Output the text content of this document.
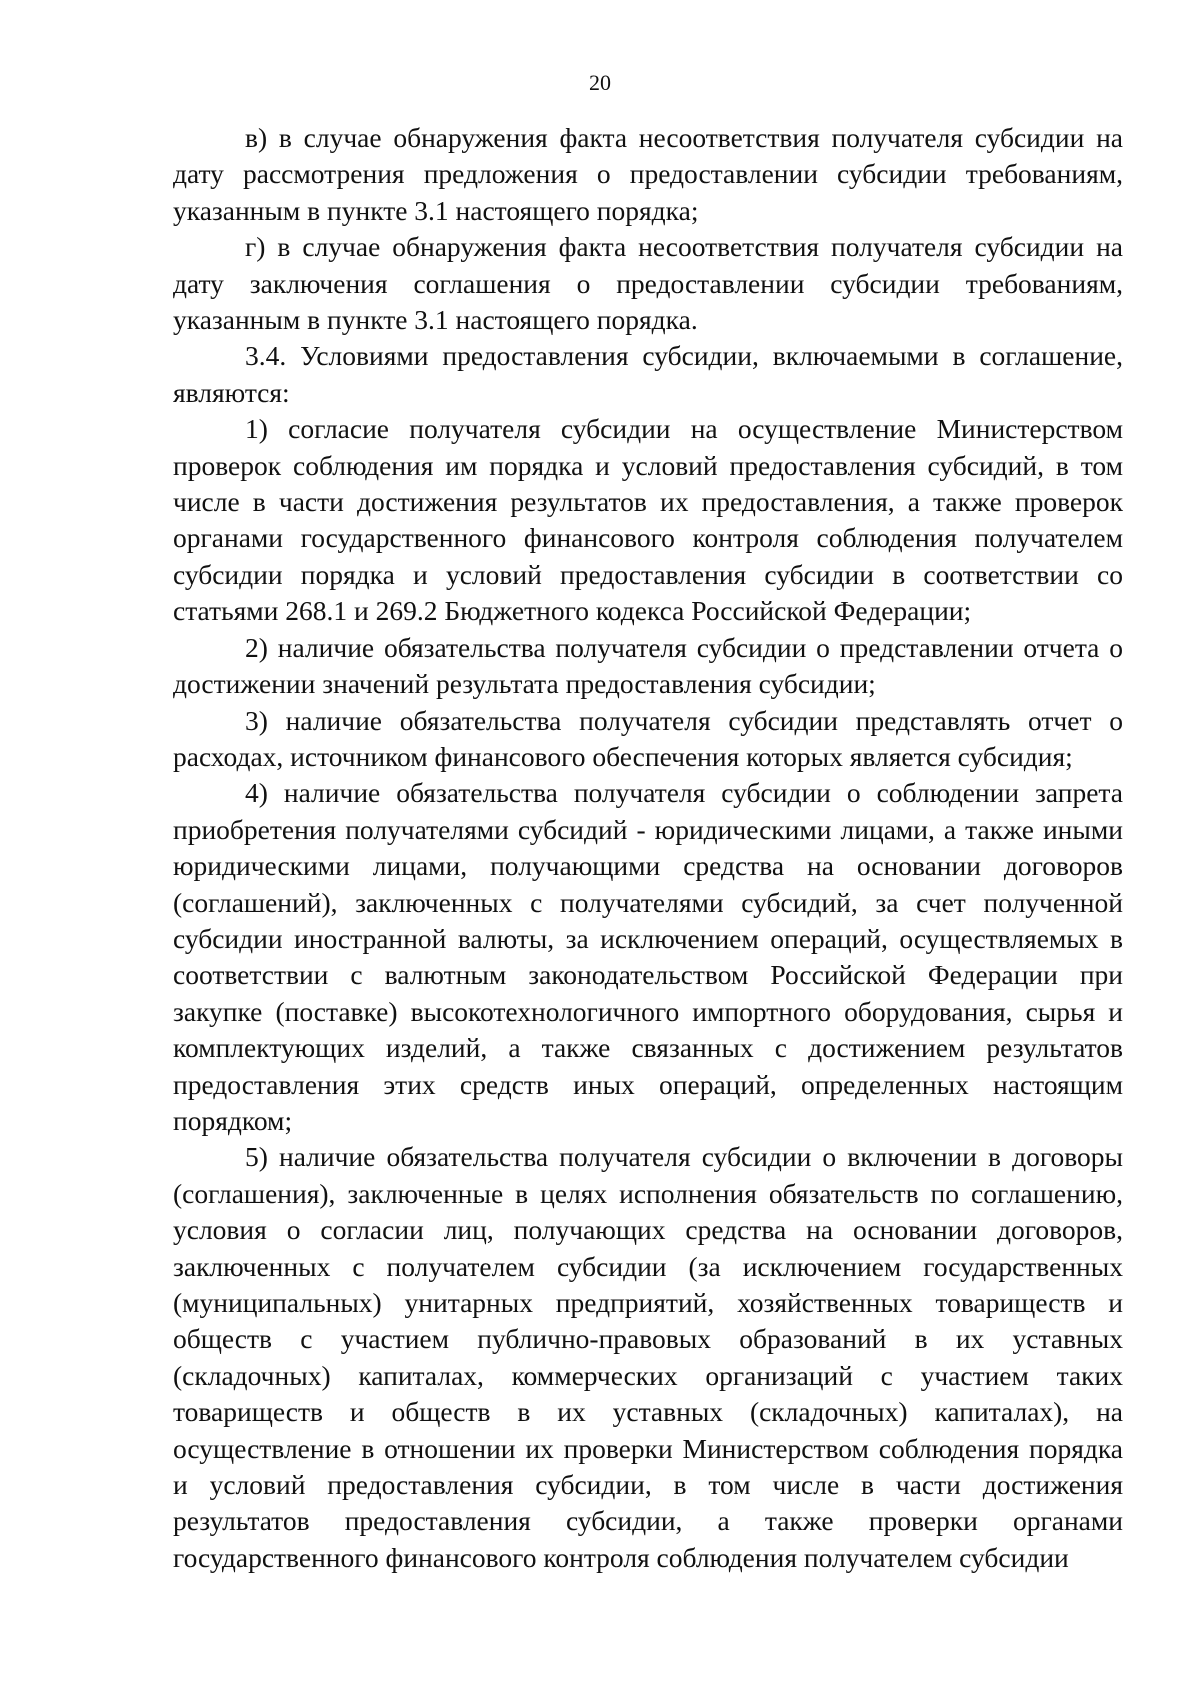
20

в) в случае обнаружения факта несоответствия получателя субсидии на дату рассмотрения предложения о предоставлении субсидии требованиям, указанным в пункте 3.1 настоящего порядка;

г) в случае обнаружения факта несоответствия получателя субсидии на дату заключения соглашения о предоставлении субсидии требованиям, указанным в пункте 3.1 настоящего порядка.

3.4. Условиями предоставления субсидии, включаемыми в соглашение, являются:

1) согласие получателя субсидии на осуществление Министерством проверок соблюдения им порядка и условий предоставления субсидий, в том числе в части достижения результатов их предоставления, а также проверок органами государственного финансового контроля соблюдения получателем субсидии порядка и условий предоставления субсидии в соответствии со статьями 268.1 и 269.2 Бюджетного кодекса Российской Федерации;

2) наличие обязательства получателя субсидии о представлении отчета о достижении значений результата предоставления субсидии;

3) наличие обязательства получателя субсидии представлять отчет о расходах, источником финансового обеспечения которых является субсидия;

4) наличие обязательства получателя субсидии о соблюдении запрета приобретения получателями субсидий - юридическими лицами, а также иными юридическими лицами, получающими средства на основании договоров (соглашений), заключенных с получателями субсидий, за счет полученной субсидии иностранной валюты, за исключением операций, осуществляемых в соответствии с валютным законодательством Российской Федерации при закупке (поставке) высокотехнологичного импортного оборудования, сырья и комплектующих изделий, а также связанных с достижением результатов предоставления этих средств иных операций, определенных настоящим порядком;

5) наличие обязательства получателя субсидии о включении в договоры (соглашения), заключенные в целях исполнения обязательств по соглашению, условия о согласии лиц, получающих средства на основании договоров, заключенных с получателем субсидии (за исключением государственных (муниципальных) унитарных предприятий, хозяйственных товариществ и обществ с участием публично-правовых образований в их уставных (складочных) капиталах, коммерческих организаций с участием таких товариществ и обществ в их уставных (складочных) капиталах), на осуществление в отношении их проверки Министерством соблюдения порядка и условий предоставления субсидии, в том числе в части достижения результатов предоставления субсидии, а также проверки органами государственного финансового контроля соблюдения получателем субсидии
